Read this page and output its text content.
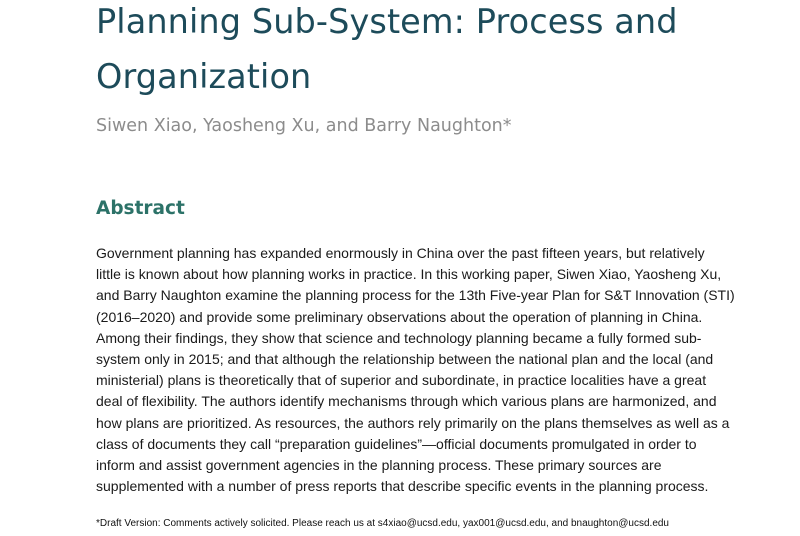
Planning Sub-System: Process and
Organization

Siwen Xiao, Yaosheng Xu, and Barry Naughton*

Abstract
Government planning has expanded enormously in China over the past fifteen years, but relatively
little is known about how planning works in practice. In this working paper, Siwen Xiao, Yaosheng Xu,
and Barry Naughton examine the planning process for the 13th Five-year Plan for S&T Innovation (STI)
(2016–2020) and provide some preliminary observations about the operation of planning in China.
Among their findings, they show that science and technology planning became a fully formed sub-
system only in 2015; and that although the relationship between the national plan and the local (and
ministerial) plans is theoretically that of superior and subordinate, in practice localities have a great
deal of flexibility. The authors identify mechanisms through which various plans are harmonized, and
how plans are prioritized. As resources, the authors rely primarily on the plans themselves as well as a
class of documents they call “preparation guidelines”—official documents promulgated in order to
inform and assist government agencies in the planning process. These primary sources are
supplemented with a number of press reports that describe specific events in the planning process.

*Draft Version: Comments actively solicited. Please reach us at s4xiao@ucsd.edu, yax001@ucsd.edu, and bnaughton@ucsd.edu
